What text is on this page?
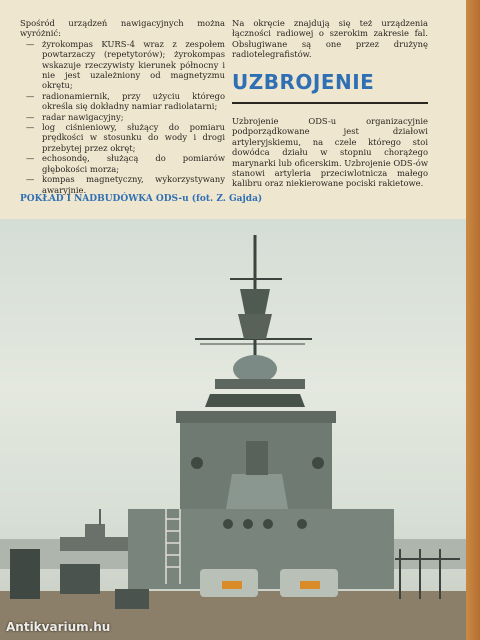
Spośród urządzeń nawigacyjnych można wyróżnić:

— żyrokompas KURS-4 wraz z zespołem powtarzaczy (repetytorów); żyrokompas wskazuje rzeczywisty kierunek północny i nie jest uzależniony od magnetyzmu okrętu;
— radionamiernik, przy użyciu którego określa się dokładny namiar radiolatarni;
— radar nawigacyjny;
— log ciśnieniowy, służący do pomiaru prędkości w stosunku do wody i drogi przebytej przez okręt;
— echosondę, służącą do pomiarów głębokości morza;
— kompas magnetyczny, wykorzystywany awaryjnie.

Na okręcie znajdują się też urządzenia łączności radiowej o szerokim zakresie fal. Obsługiwane są one przez drużynę radiotelegrafistów.

UZBROJENIE

Uzbrojenie ODS-u organizacyjnie podporządkowane jest działowi artyleryjskiemu, na czele którego stoi dowódca działu w stopniu chorążego marynarki lub oficerskim. Uzbrojenie ODS-ów stanowi artyleria przeciwlotnicza małego kalibru oraz niekierowane pociski rakietowe.

POKŁAD I NADBUDÓWKA ODS-u (fot. Z. Gajda)
Antikvarium.hu
